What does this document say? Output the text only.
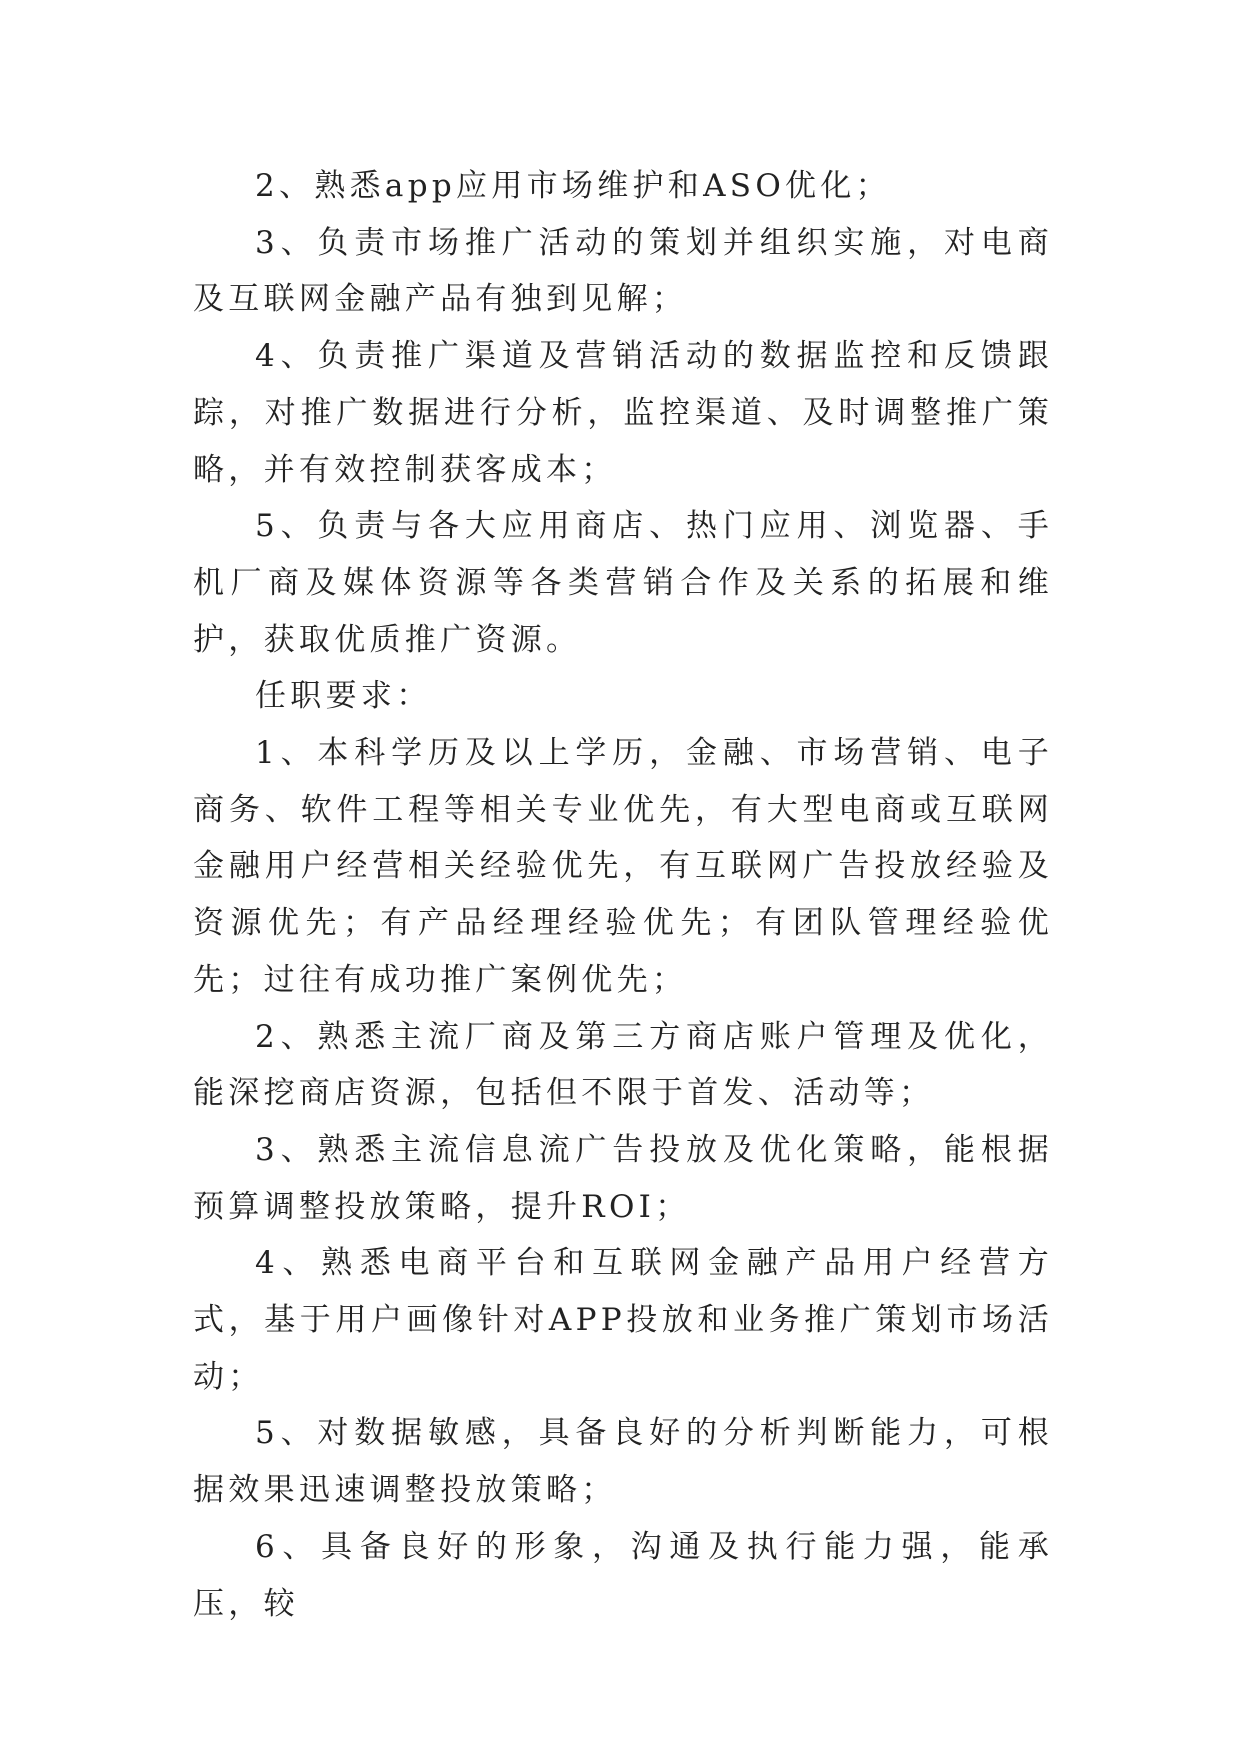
2、熟悉app应用市场维护和ASO优化；

3、负责市场推广活动的策划并组织实施，对电商及互联网金融产品有独到见解；

4、负责推广渠道及营销活动的数据监控和反馈跟踪，对推广数据进行分析，监控渠道、及时调整推广策略，并有效控制获客成本；

5、负责与各大应用商店、热门应用、浏览器、手机厂商及媒体资源等各类营销合作及关系的拓展和维护，获取优质推广资源。

任职要求：

1、本科学历及以上学历，金融、市场营销、电子商务、软件工程等相关专业优先，有大型电商或互联网金融用户经营相关经验优先，有互联网广告投放经验及资源优先；有产品经理经验优先；有团队管理经验优先；过往有成功推广案例优先；

2、熟悉主流厂商及第三方商店账户管理及优化，能深挖商店资源，包括但不限于首发、活动等；

3、熟悉主流信息流广告投放及优化策略，能根据预算调整投放策略，提升ROI；

4、熟悉电商平台和互联网金融产品用户经营方式，基于用户画像针对APP投放和业务推广策划市场活动；

5、对数据敏感，具备良好的分析判断能力，可根据效果迅速调整投放策略；

6、具备良好的形象，沟通及执行能力强，能承压，较
